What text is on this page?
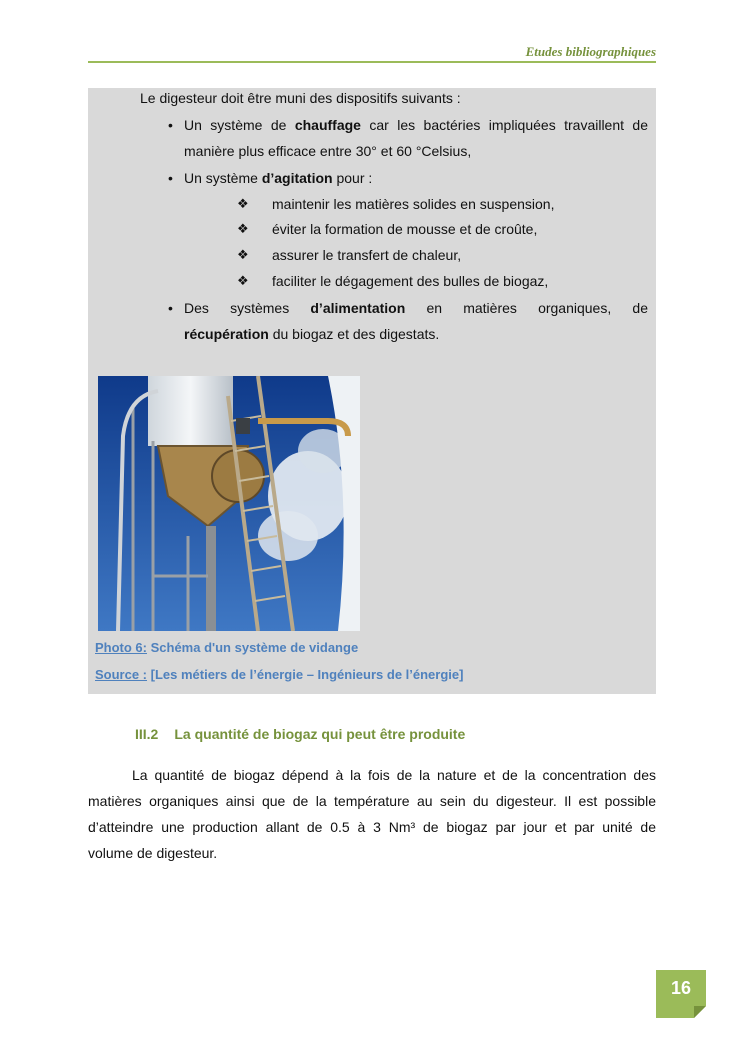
Etudes bibliographiques
Le digesteur doit être muni des dispositifs suivants :
• Un système de chauffage car les bactéries impliquées travaillent de
manière plus efficace entre 30° et 60 °Celsius,
• Un système d’agitation pour :
❖ maintenir les matières solides en suspension,
❖ éviter la formation de mousse et de croûte,
❖ assurer le transfert de chaleur,
❖ faciliter le dégagement des bulles de biogaz,
• Des systèmes d’alimentation en matières organiques, de
récupération du biogaz et des digestats.
Photo 6: Schéma d'un système de vidange
Source : [Les métiers de l’énergie – Ingénieurs de l’énergie]
III.2 La quantité de biogaz qui peut être produite
La quantité de biogaz dépend à la fois de la nature et de la concentration des
matières organiques ainsi que de la température au sein du digesteur. Il est possible
d’atteindre une production allant de 0.5 à 3 Nm³ de biogaz par jour et par unité de
volume de digesteur.
16
